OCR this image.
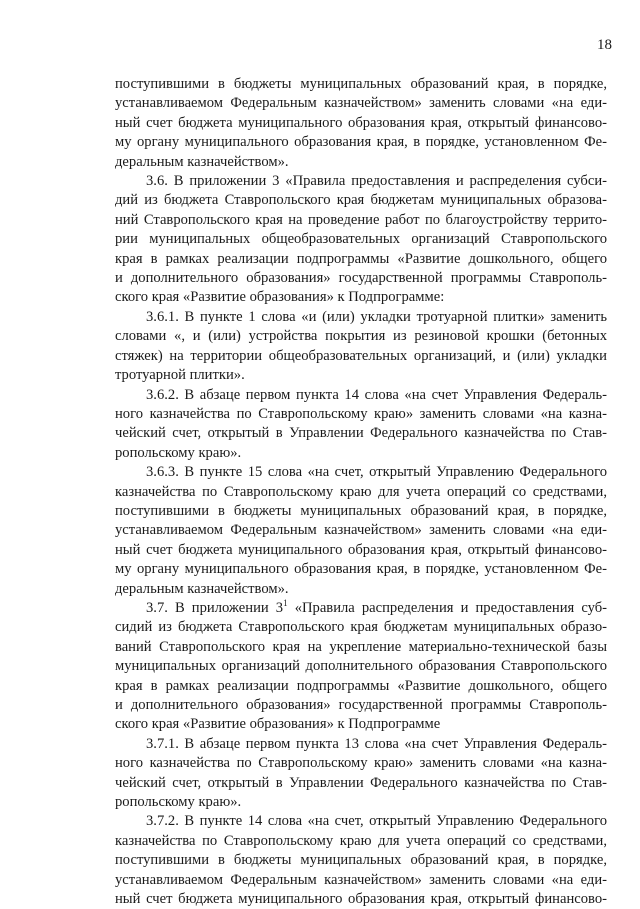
18
поступившими в бюджеты муниципальных образований края, в порядке,
устанавливаемом Федеральным казначейством» заменить словами «на еди-
ный счет бюджета муниципального образования края, открытый финансово-
му органу муниципального образования края, в порядке, установленном Фе-
деральным казначейством».
3.6. В приложении 3 «Правила предоставления и распределения субси-
дий из бюджета Ставропольского края бюджетам муниципальных образова-
ний Ставропольского края на проведение работ по благоустройству террито-
рии муниципальных общеобразовательных организаций Ставропольского
края в рамках реализации подпрограммы «Развитие дошкольного, общего
и дополнительного образования» государственной программы Ставрополь-
ского края «Развитие образования» к Подпрограмме:
3.6.1. В пункте 1 слова «и (или) укладки тротуарной плитки» заменить
словами «, и (или) устройства покрытия из резиновой крошки (бетонных
стяжек) на территории общеобразовательных организаций, и (или) укладки
тротуарной плитки».
3.6.2. В абзаце первом пункта 14 слова «на счет Управления Федераль-
ного казначейства по Ставропольскому краю» заменить словами «на казна-
чейский счет, открытый в Управлении Федерального казначейства по Став-
ропольскому краю».
3.6.3. В пункте 15 слова «на счет, открытый Управлению Федерального
казначейства по Ставропольскому краю для учета операций со средствами,
поступившими в бюджеты муниципальных образований края, в порядке,
устанавливаемом Федеральным казначейством» заменить словами «на еди-
ный счет бюджета муниципального образования края, открытый финансово-
му органу муниципального образования края, в порядке, установленном Фе-
деральным казначейством».
3.7. В приложении $3^1$ «Правила распределения и предоставления суб-
сидий из бюджета Ставропольского края бюджетам муниципальных образо-
ваний Ставропольского края на укрепление материально-технической базы
муниципальных организаций дополнительного образования Ставропольского
края в рамках реализации подпрограммы «Развитие дошкольного, общего
и дополнительного образования» государственной программы Ставрополь-
ского края «Развитие образования» к Подпрограмме
3.7.1. В абзаце первом пункта 13 слова «на счет Управления Федераль-
ного казначейства по Ставропольскому краю» заменить словами «на казна-
чейский счет, открытый в Управлении Федерального казначейства по Став-
ропольскому краю».
3.7.2. В пункте 14 слова «на счет, открытый Управлению Федерального
казначейства по Ставропольскому краю для учета операций со средствами,
поступившими в бюджеты муниципальных образований края, в порядке,
устанавливаемом Федеральным казначейством» заменить словами «на еди-
ный счет бюджета муниципального образования края, открытый финансово-
